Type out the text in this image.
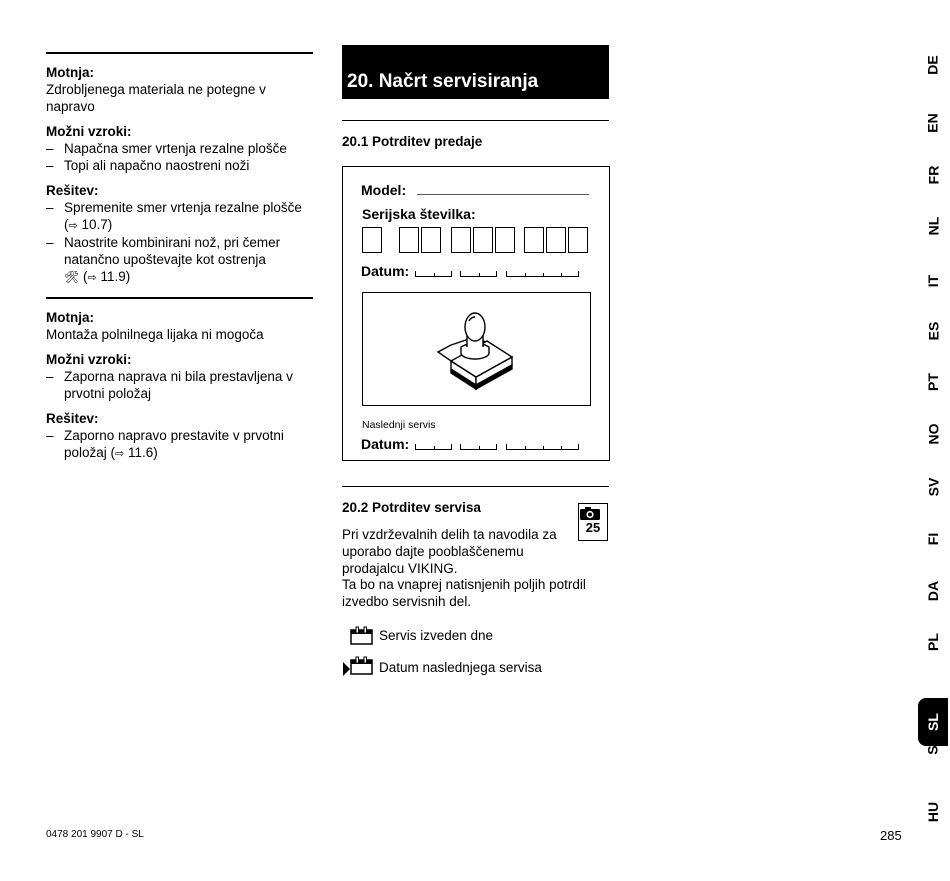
Motnja:
Zdrobljenega materiala ne potegne v napravo
Možni vzroki:
– Napačna smer vrtenja rezalne plošče
– Topi ali napačno naostreni noži
Rešitev:
– Spremenite smer vrtenja rezalne plošče (⇨ 10.7)
– Naostrite kombinirani nož, pri čemer natančno upoštevajte kot ostrenja
🛠 (⇨ 11.9)
Motnja:
Montaža polnilnega lijaka ni mogoča
Možni vzroki:
– Zaporna naprava ni bila prestavljena v prvotni položaj
Rešitev:
– Zaporno napravo prestavite v prvotni položaj (⇨ 11.6)
20. Načrt servisiranja
20.1 Potrditev predaje
Model:
Serijska številka:
Datum:
Naslednji servis
Datum:
20.2 Potrditev servisa
25
Pri vzdrževalnih delih ta navodila za uporabo dajte pooblaščenemu prodajalcu VIKING.
Ta bo na vnaprej natisnjenih poljih potrdil izvedbo servisnih del.
Servis izveden dne
Datum naslednjega servisa
DE
EN
FR
NL
IT
ES
PT
NO
SV
FI
DA
PL
SL
SK
HU
0478 201 9907 D - SL	285
